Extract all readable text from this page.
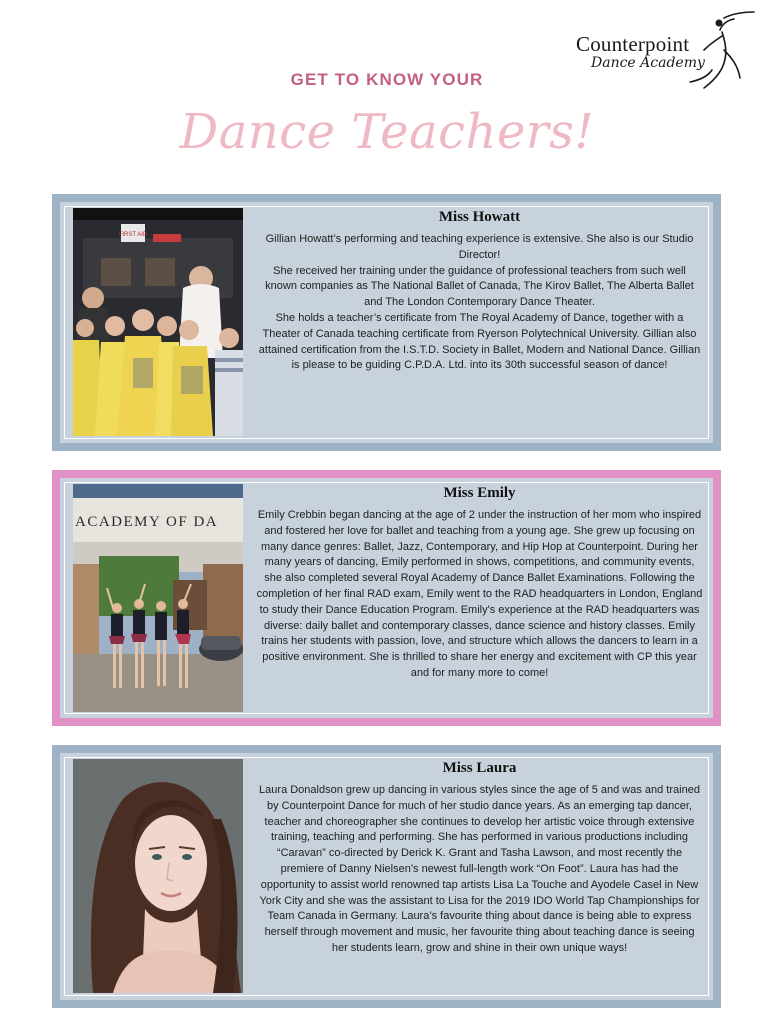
Counterpoint
Dance Academy
GET TO KNOW YOUR
Dance Teachers!
FIRST AID
Miss Howatt

Gillian Howatt’s performing and teaching experience is extensive. She also is our Studio Director!

She received her training under the guidance of professional teachers from such well known companies as The National Ballet of Canada, The Kirov Ballet, The Alberta Ballet and The London Contemporary Dance Theater.

She holds a teacher’s certificate from The Royal Academy of Dance, together with a Theater of Canada teaching certificate from Ryerson Polytechnical University. Gillian also attained certification from the I.S.T.D. Society in Ballet, Modern and National Dance. Gillian is please to be guiding C.P.D.A. Ltd. into its 30th successful season of dance!

ACADEMY OF DA
Miss Emily

Emily Crebbin began dancing at the age of 2 under the instruction of her mom who inspired and fostered her love for ballet and teaching from a young age. She grew up focusing on many dance genres: Ballet, Jazz, Contemporary, and Hip Hop at Counterpoint. During her many years of dancing, Emily performed in shows, competitions, and community events, she also completed several Royal Academy of Dance Ballet Examinations. Following the completion of her final RAD exam, Emily went to the RAD headquarters in London, England to study their Dance Education Program. Emily's experience at the RAD headquarters was diverse: daily ballet and contemporary classes, dance science and history classes. Emily trains her students with passion, love, and structure which allows the dancers to learn in a positive environment. She is thrilled to share her energy and excitement with CP this year and for many more to come!

Miss Laura

Laura Donaldson grew up dancing in various styles since the age of 5 and was and trained by Counterpoint Dance for much of her studio dance years. As an emerging tap dancer, teacher and choreographer she continues to develop her artistic voice through extensive training, teaching and performing. She has performed in various productions including “Caravan” co-directed by Derick K. Grant and Tasha Lawson, and most recently the premiere of Danny Nielsen’s newest full-length work “On Foot”. Laura has had the opportunity to assist world renowned tap artists Lisa La Touche and Ayodele Casel in New York City and she was the assistant to Lisa for the 2019 IDO World Tap Championships for Team Canada in Germany. Laura’s favourite thing about dance is being able to express herself through movement and music, her favourite thing about teaching dance is seeing her students learn, grow and shine in their own unique ways!
